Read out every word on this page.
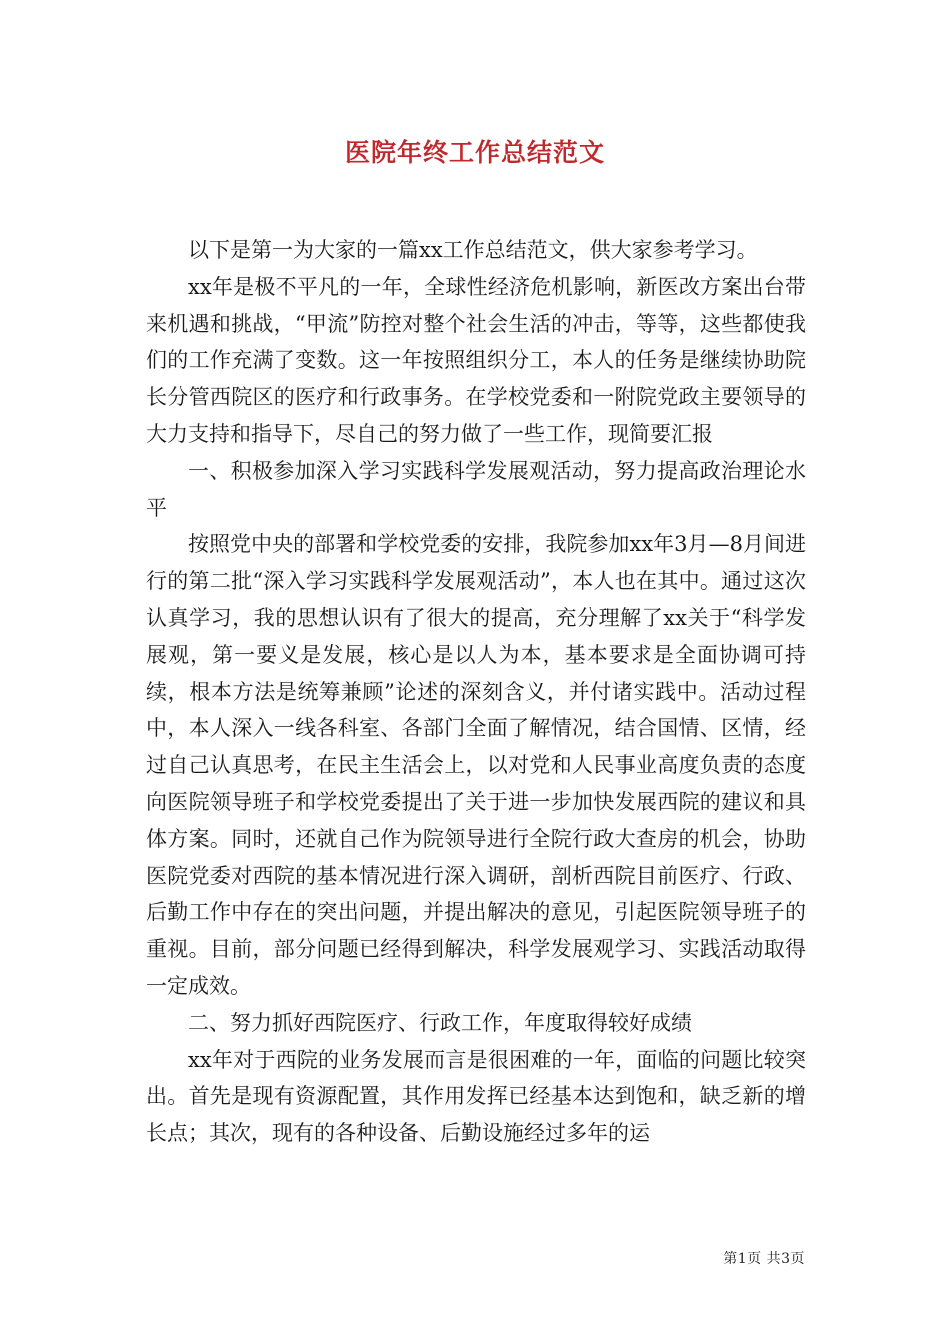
医院年终工作总结范文

以下是第一为大家的一篇xx工作总结范文，供大家参考学习。

xx年是极不平凡的一年，全球性经济危机影响，新医改方案出台带来机遇和挑战，“甲流”防控对整个社会生活的冲击，等等，这些都使我们的工作充满了变数。这一年按照组织分工，本人的任务是继续协助院长分管西院区的医疗和行政事务。在学校党委和一附院党政主要领导的大力支持和指导下，尽自己的努力做了一些工作，现简要汇报

一、积极参加深入学习实践科学发展观活动，努力提高政治理论水平

按照党中央的部署和学校党委的安排，我院参加xx年3月—8月间进行的第二批“深入学习实践科学发展观活动”，本人也在其中。通过这次认真学习，我的思想认识有了很大的提高，充分理解了xx关于“科学发展观，第一要义是发展，核心是以人为本，基本要求是全面协调可持续，根本方法是统筹兼顾”论述的深刻含义，并付诸实践中。活动过程中，本人深入一线各科室、各部门全面了解情况，结合国情、区情，经过自己认真思考，在民主生活会上，以对党和人民事业高度负责的态度向医院领导班子和学校党委提出了关于进一步加快发展西院的建议和具体方案。同时，还就自己作为院领导进行全院行政大查房的机会，协助医院党委对西院的基本情况进行深入调研，剖析西院目前医疗、行政、后勤工作中存在的突出问题，并提出解决的意见，引起医院领导班子的重视。目前，部分问题已经得到解决，科学发展观学习、实践活动取得一定成效。

二、努力抓好西院医疗、行政工作，年度取得较好成绩

xx年对于西院的业务发展而言是很困难的一年，面临的问题比较突出。首先是现有资源配置，其作用发挥已经基本达到饱和，缺乏新的增长点；其次，现有的各种设备、后勤设施经过多年的运

第1页 共3页
